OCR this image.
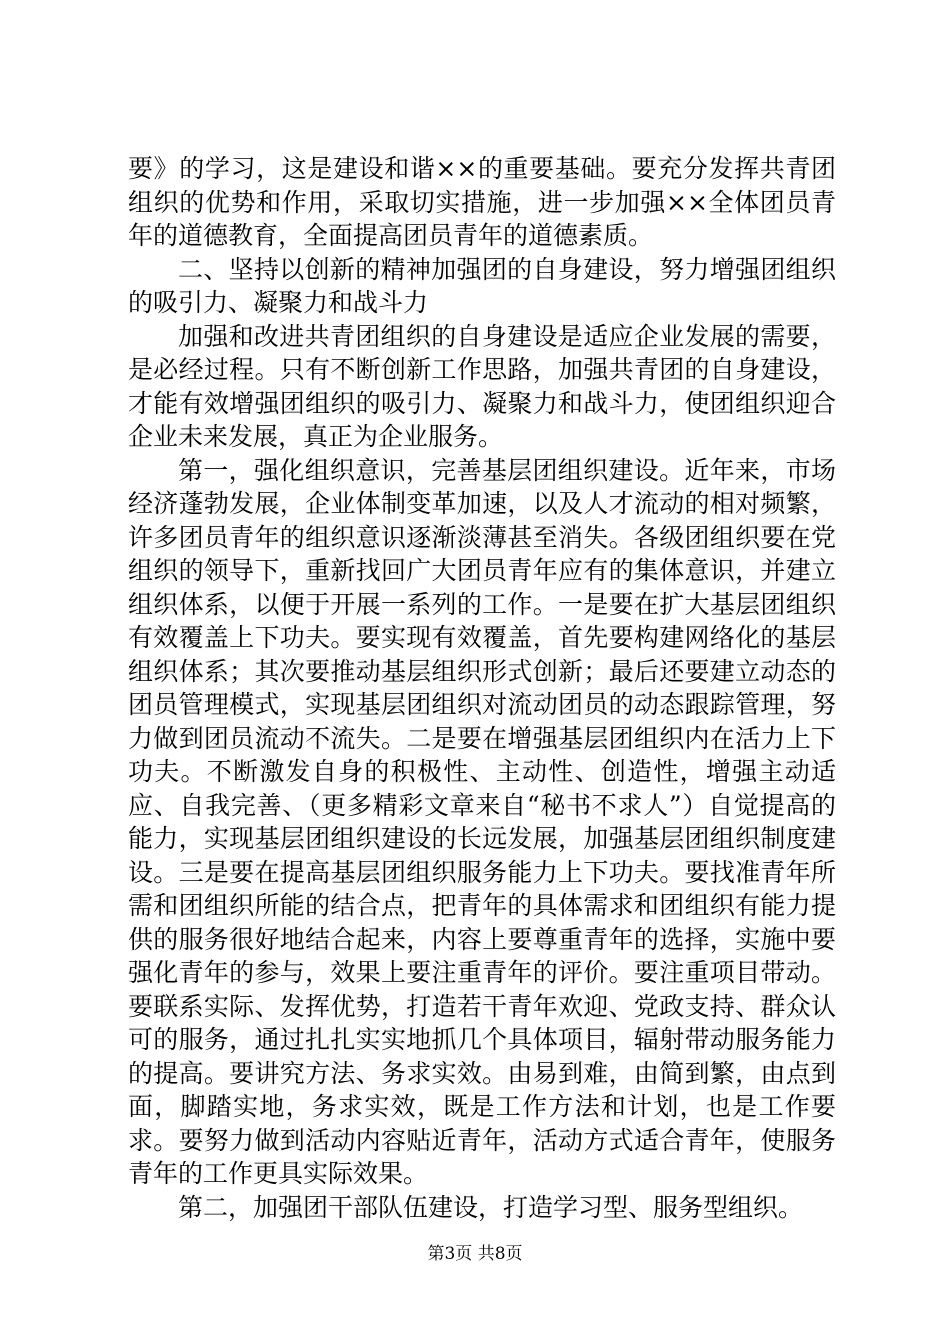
要》的学习，这是建设和谐××的重要基础。要充分发挥共青团组织的优势和作用，采取切实措施，进一步加强××全体团员青年的道德教育，全面提高团员青年的道德素质。

二、坚持以创新的精神加强团的自身建设，努力增强团组织的吸引力、凝聚力和战斗力

加强和改进共青团组织的自身建设是适应企业发展的需要，是必经过程。只有不断创新工作思路，加强共青团的自身建设，才能有效增强团组织的吸引力、凝聚力和战斗力，使团组织迎合企业未来发展，真正为企业服务。

第一，强化组织意识，完善基层团组织建设。近年来，市场经济蓬勃发展，企业体制变革加速，以及人才流动的相对频繁，许多团员青年的组织意识逐渐淡薄甚至消失。各级团组织要在党组织的领导下，重新找回广大团员青年应有的集体意识，并建立组织体系，以便于开展一系列的工作。一是要在扩大基层团组织有效覆盖上下功夫。要实现有效覆盖，首先要构建网络化的基层组织体系；其次要推动基层组织形式创新；最后还要建立动态的团员管理模式，实现基层团组织对流动团员的动态跟踪管理，努力做到团员流动不流失。二是要在增强基层团组织内在活力上下功夫。不断激发自身的积极性、主动性、创造性，增强主动适应、自我完善、（更多精彩文章来自“秘书不求人”）自觉提高的能力，实现基层团组织建设的长远发展，加强基层团组织制度建设。三是要在提高基层团组织服务能力上下功夫。要找准青年所需和团组织所能的结合点，把青年的具体需求和团组织有能力提供的服务很好地结合起来，内容上要尊重青年的选择，实施中要强化青年的参与，效果上要注重青年的评价。要注重项目带动。要联系实际、发挥优势，打造若干青年欢迎、党政支持、群众认可的服务，通过扎扎实实地抓几个具体项目，辐射带动服务能力的提高。要讲究方法、务求实效。由易到难，由简到繁，由点到面，脚踏实地，务求实效，既是工作方法和计划，也是工作要求。要努力做到活动内容贴近青年，活动方式适合青年，使服务青年的工作更具实际效果。

第二，加强团干部队伍建设，打造学习型、服务型组织。

第3页 共8页
